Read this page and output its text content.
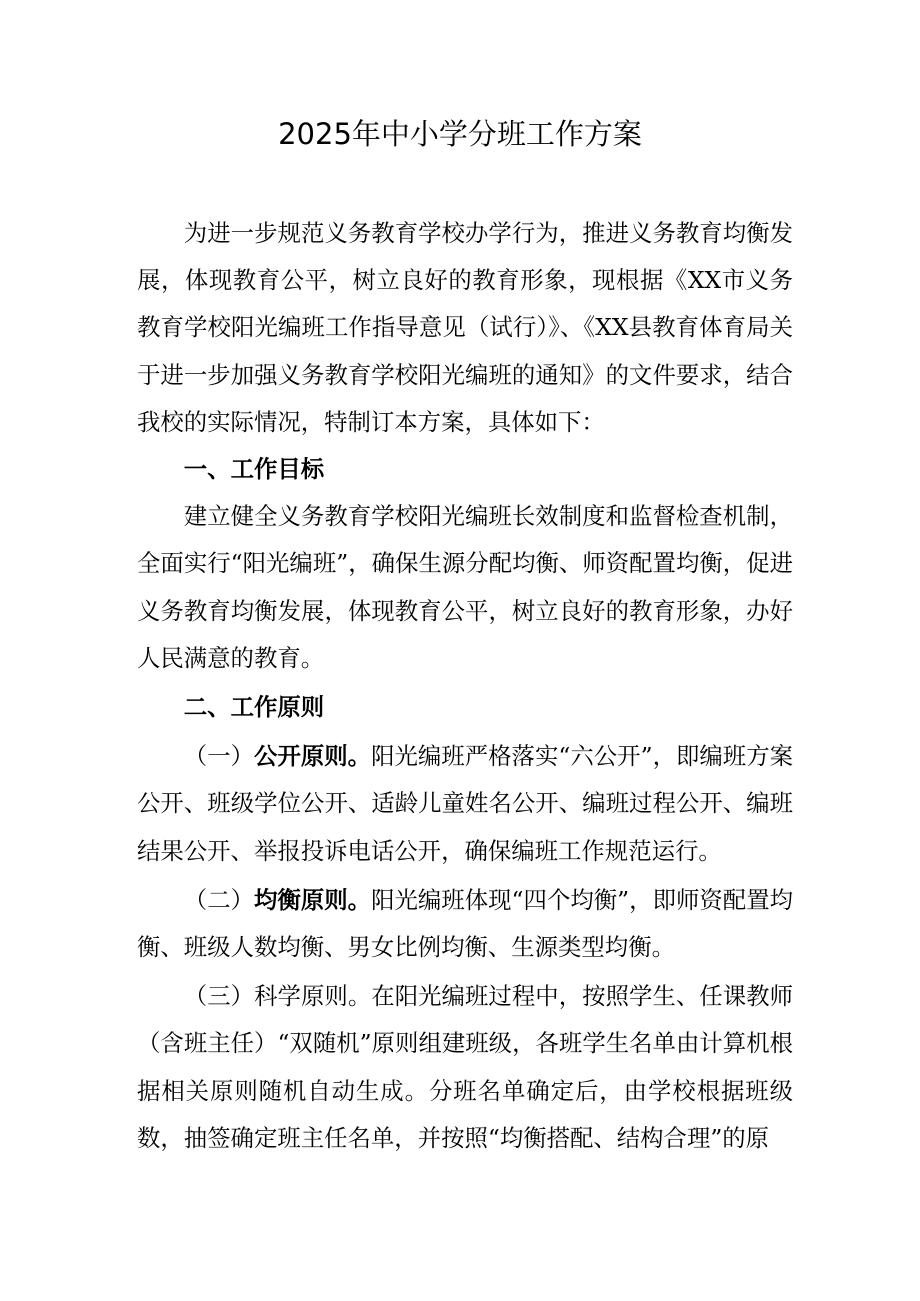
2025年中小学分班工作方案

为进一步规范义务教育学校办学行为，推进义务教育均衡发展，体现教育公平，树立良好的教育形象，现根据《XX市义务教育学校阳光编班工作指导意见（试行）》、《XX县教育体育局关于进一步加强义务教育学校阳光编班的通知》的文件要求，结合我校的实际情况，特制订本方案，具体如下：

一、工作目标

建立健全义务教育学校阳光编班长效制度和监督检查机制，全面实行“阳光编班”，确保生源分配均衡、师资配置均衡，促进义务教育均衡发展，体现教育公平，树立良好的教育形象，办好人民满意的教育。

二、工作原则

（一）公开原则。阳光编班严格落实“六公开”，即编班方案公开、班级学位公开、适龄儿童姓名公开、编班过程公开、编班结果公开、举报投诉电话公开，确保编班工作规范运行。

（二）均衡原则。阳光编班体现“四个均衡”，即师资配置均衡、班级人数均衡、男女比例均衡、生源类型均衡。

（三）科学原则。在阳光编班过程中，按照学生、任课教师（含班主任）“双随机”原则组建班级，各班学生名单由计算机根据相关原则随机自动生成。分班名单确定后，由学校根据班级数，抽签确定班主任名单，并按照“均衡搭配、结构合理”的原
